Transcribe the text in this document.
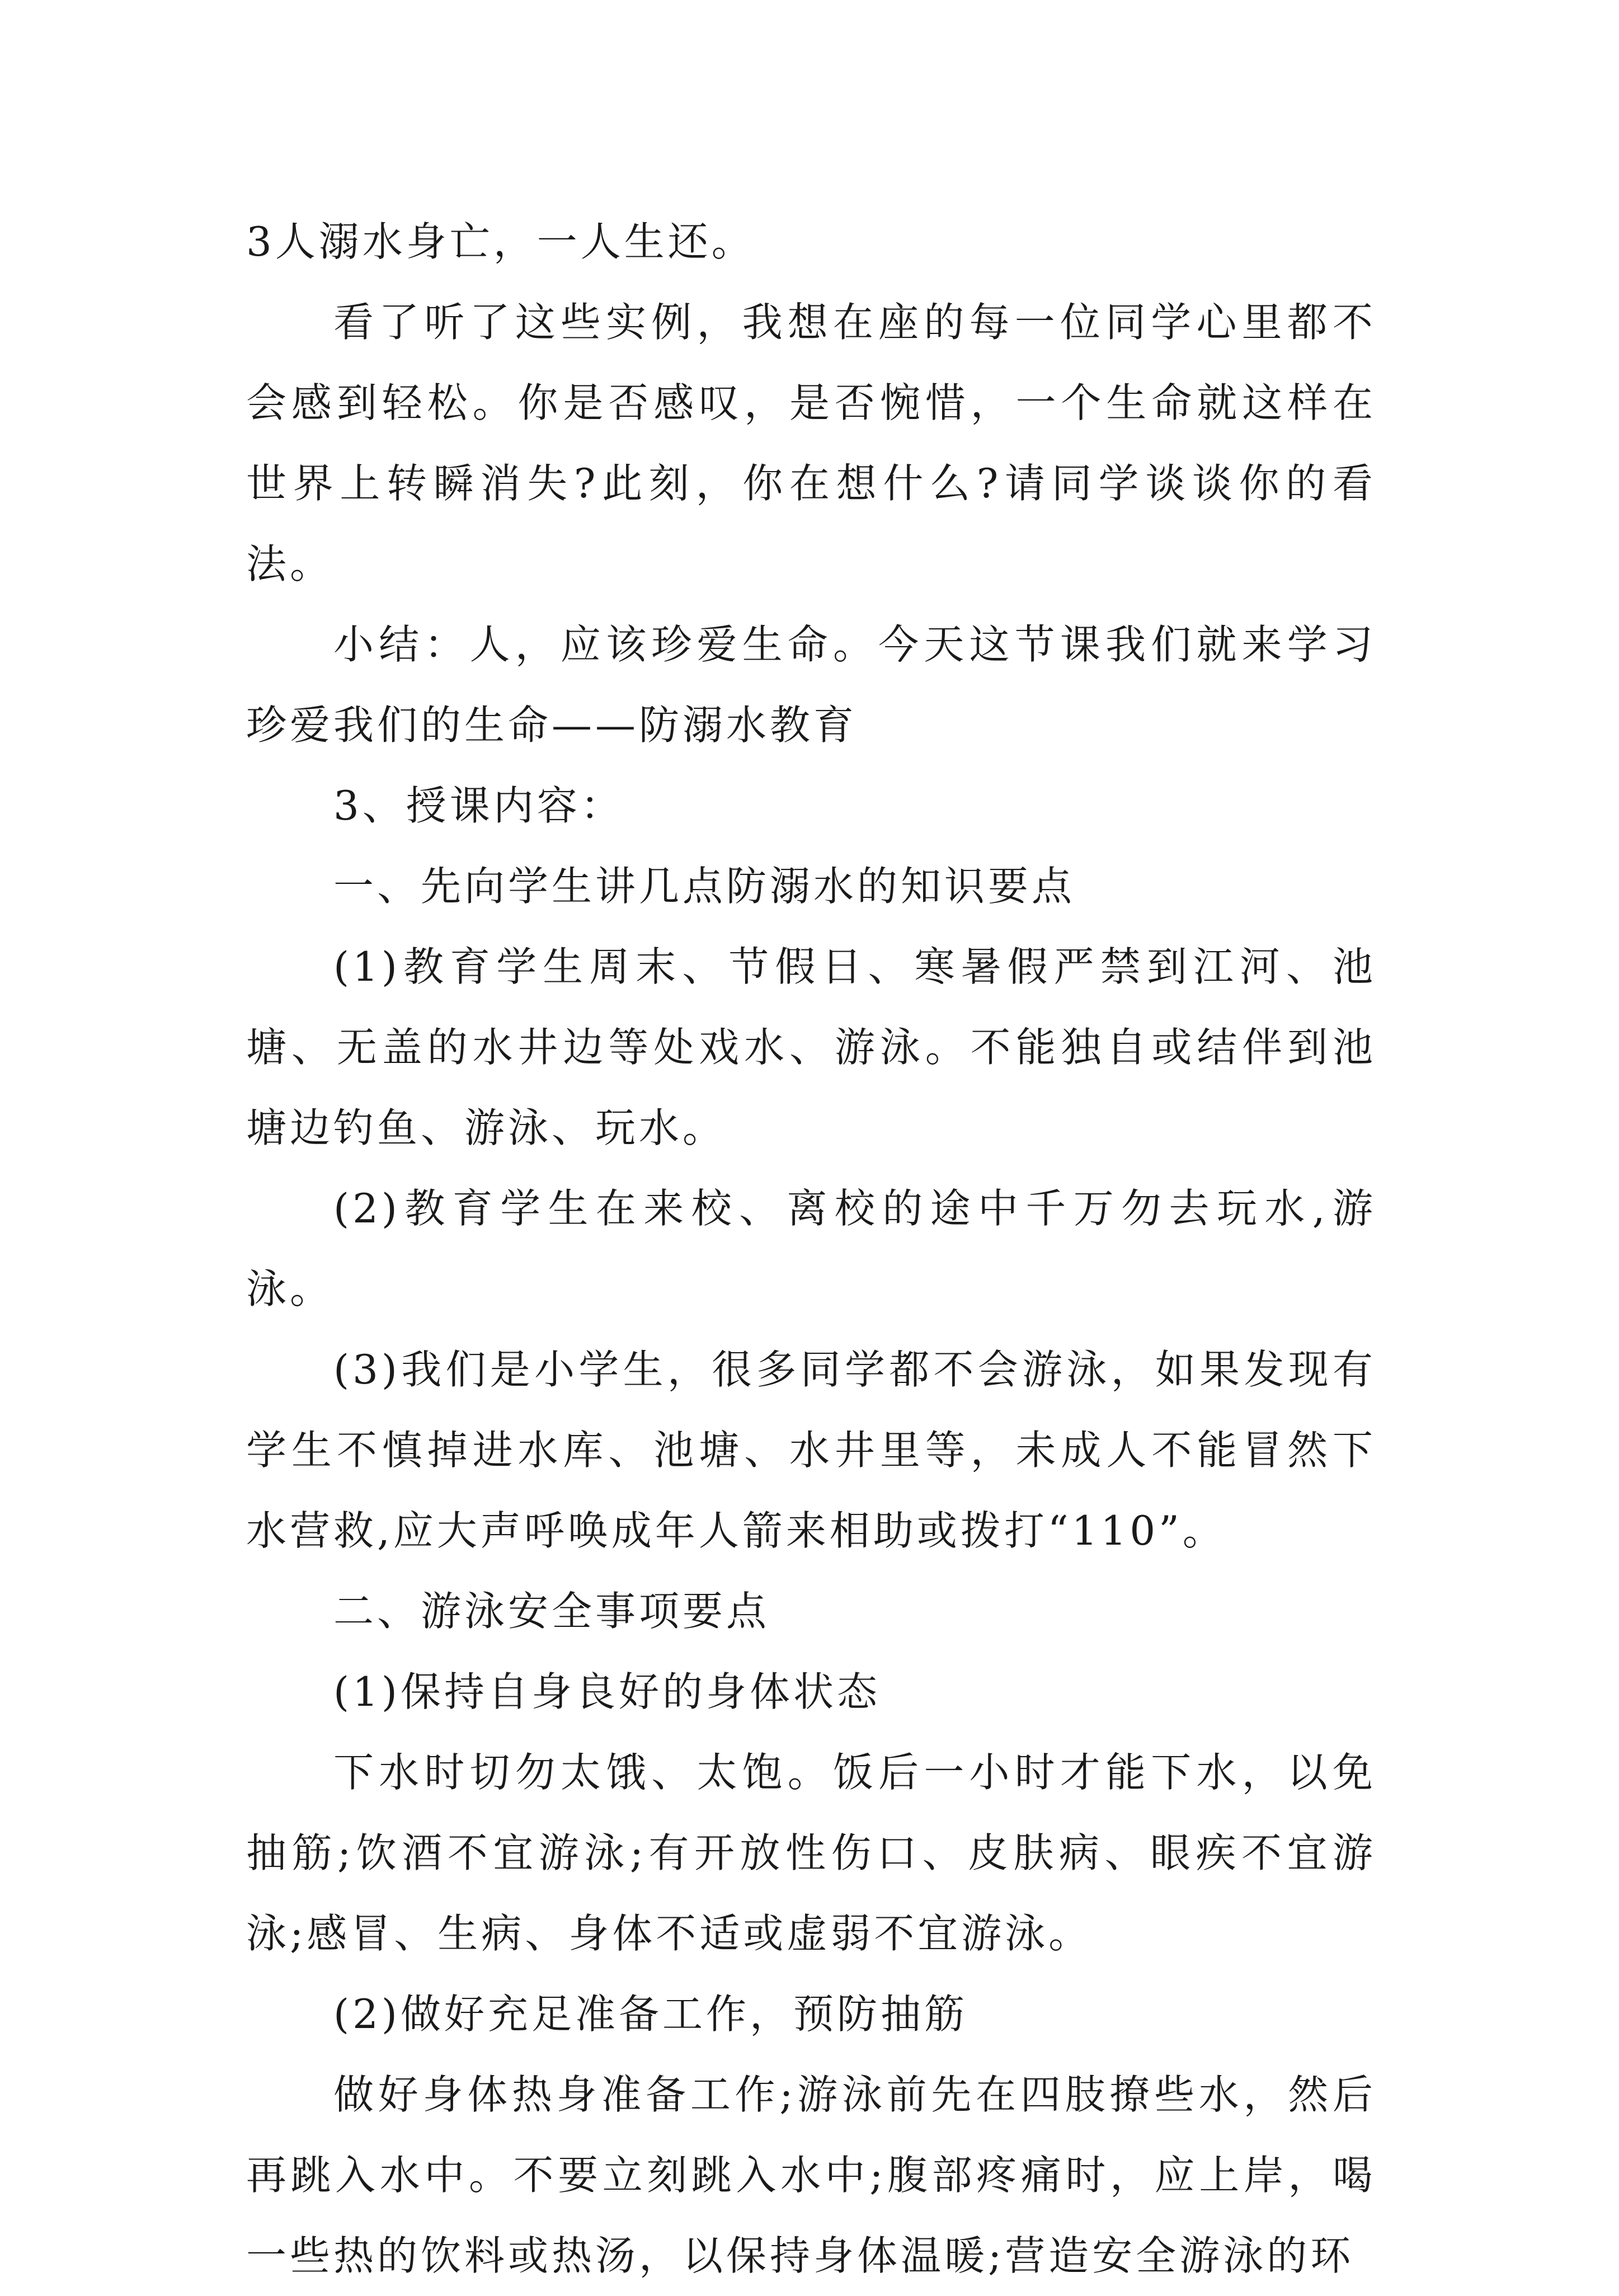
3人溺水身亡，一人生还。

看了听了这些实例，我想在座的每一位同学心里都不会感到轻松。你是否感叹，是否惋惜，一个生命就这样在世界上转瞬消失?此刻，你在想什么?请同学谈谈你的看法。

小结：人，应该珍爱生命。今天这节课我们就来学习珍爱我们的生命——防溺水教育

3、授课内容：

一、先向学生讲几点防溺水的知识要点

(1)教育学生周末、节假日、寒暑假严禁到江河、池塘、无盖的水井边等处戏水、游泳。不能独自或结伴到池塘边钓鱼、游泳、玩水。

(2)教育学生在来校、离校的途中千万勿去玩水,游泳。

(3)我们是小学生，很多同学都不会游泳，如果发现有学生不慎掉进水库、池塘、水井里等，未成人不能冒然下水营救,应大声呼唤成年人箭来相助或拨打“110”。

二、游泳安全事项要点

(1)保持自身良好的身体状态

下水时切勿太饿、太饱。饭后一小时才能下水，以免抽筋;饮酒不宜游泳;有开放性伤口、皮肤病、眼疾不宜游泳;感冒、生病、身体不适或虚弱不宜游泳。

(2)做好充足准备工作，预防抽筋

做好身体热身准备工作;游泳前先在四肢撩些水，然后再跳入水中。不要立刻跳入水中;腹部疼痛时，应上岸，喝一些热的饮料或热汤，以保持身体温暖;营造安全游泳的环
